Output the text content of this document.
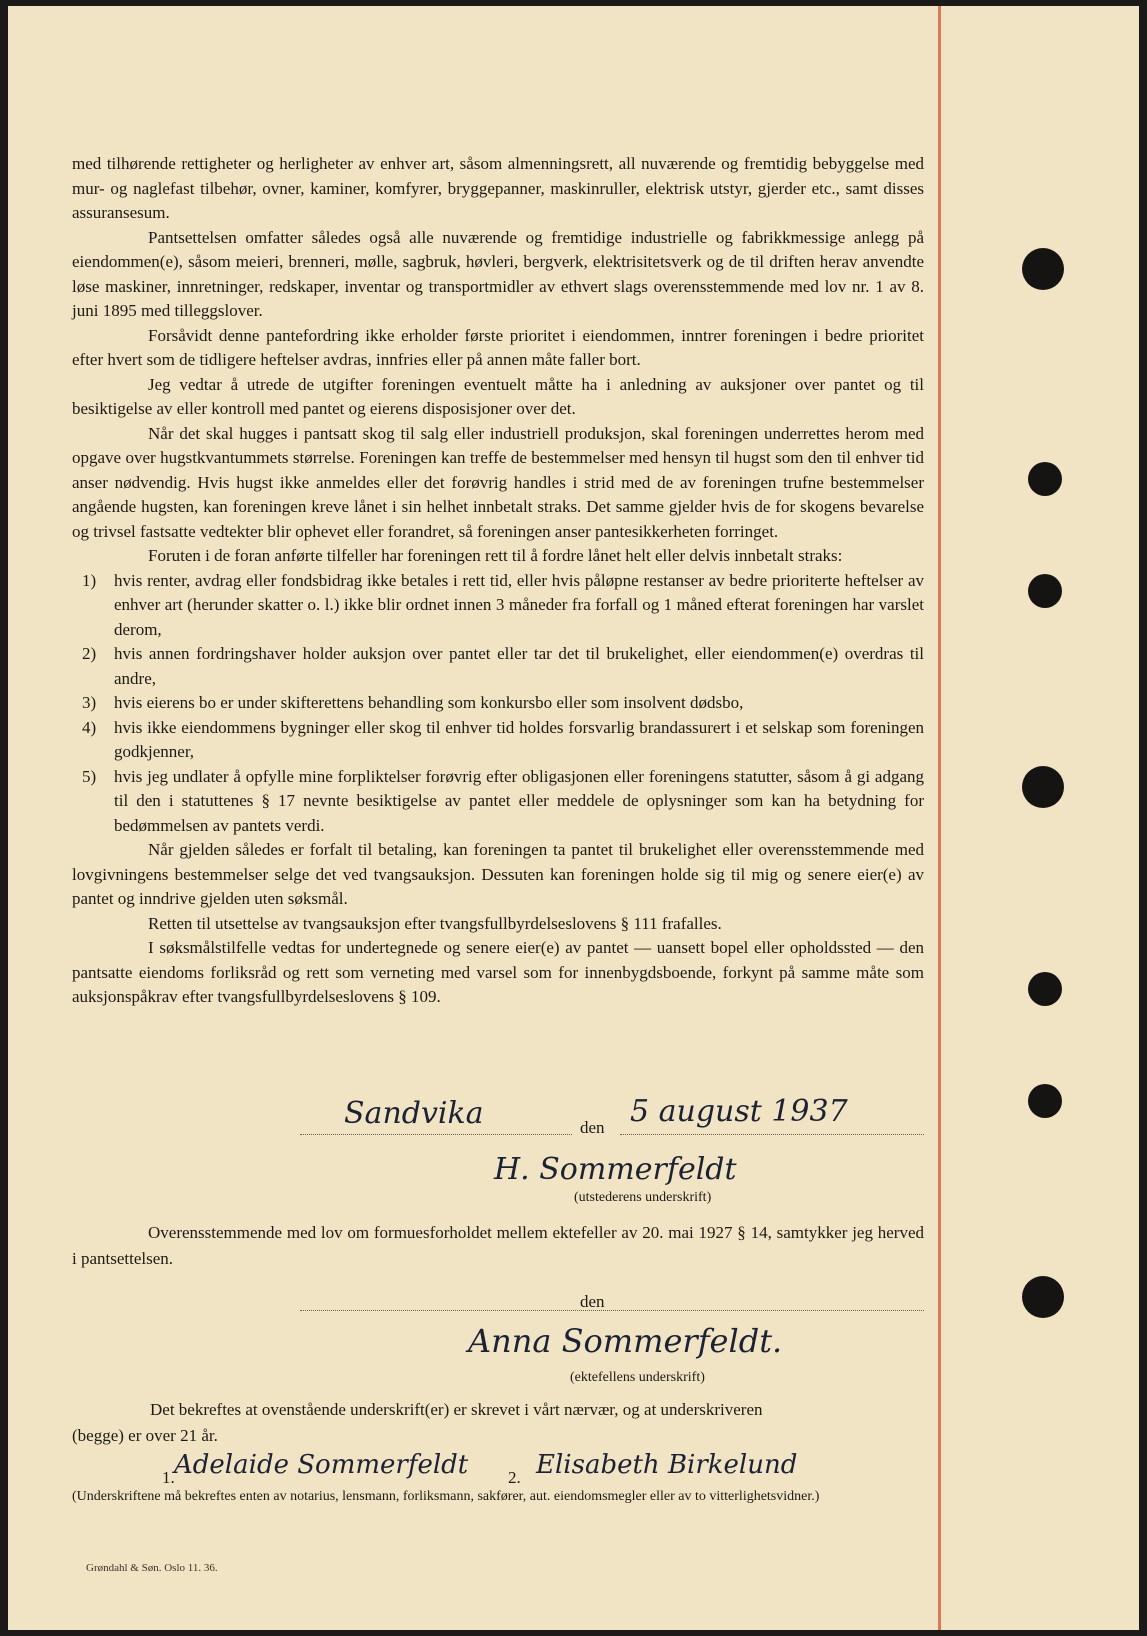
med tilhørende rettigheter og herligheter av enhver art, såsom almenningsrett, all nuværende og fremtidig bebyggelse med mur- og naglefast tilbehør, ovner, kaminer, komfyrer, bryggepanner, maskinruller, elektrisk utstyr, gjerder etc., samt disses assuransesum.

Pantsettelsen omfatter således også alle nuværende og fremtidige industrielle og fabrikkmessige anlegg på eiendommen(e), såsom meieri, brenneri, mølle, sagbruk, høvleri, bergverk, elektrisitetsverk og de til driften herav anvendte løse maskiner, innretninger, redskaper, inventar og transportmidler av ethvert slags overensstemmende med lov nr. 1 av 8. juni 1895 med tilleggslover.

Forsåvidt denne pantefordring ikke erholder første prioritet i eiendommen, inntrer foreningen i bedre prioritet efter hvert som de tidligere heftelser avdras, innfries eller på annen måte faller bort.

Jeg vedtar å utrede de utgifter foreningen eventuelt måtte ha i anledning av auksjoner over pantet og til besiktigelse av eller kontroll med pantet og eierens disposisjoner over det.

Når det skal hugges i pantsatt skog til salg eller industriell produksjon, skal foreningen underrettes herom med opgave over hugstkvantummets størrelse. Foreningen kan treffe de bestemmelser med hensyn til hugst som den til enhver tid anser nødvendig. Hvis hugst ikke anmeldes eller det forøvrig handles i strid med de av foreningen trufne bestemmelser angående hugsten, kan foreningen kreve lånet i sin helhet innbetalt straks. Det samme gjelder hvis de for skogens bevarelse og trivsel fastsatte vedtekter blir ophevet eller forandret, så foreningen anser pantesikkerheten forringet.

Foruten i de foran anførte tilfeller har foreningen rett til å fordre lånet helt eller delvis innbetalt straks:

1) hvis renter, avdrag eller fondsbidrag ikke betales i rett tid, eller hvis påløpne restanser av bedre prioriterte heftelser av enhver art (herunder skatter o. l.) ikke blir ordnet innen 3 måneder fra forfall og 1 måned efterat foreningen har varslet derom,
2) hvis annen fordringshaver holder auksjon over pantet eller tar det til brukelighet, eller eiendommen(e) overdras til andre,
3) hvis eierens bo er under skifterettens behandling som konkursbo eller som insolvent dødsbo,
4) hvis ikke eiendommens bygninger eller skog til enhver tid holdes forsvarlig brandassurert i et selskap som foreningen godkjenner,
5) hvis jeg undlater å opfylle mine forpliktelser forøvrig efter obligasjonen eller foreningens statutter, såsom å gi adgang til den i statuttenes § 17 nevnte besiktigelse av pantet eller meddele de oplysninger som kan ha betydning for bedømmelsen av pantets verdi.

Når gjelden således er forfalt til betaling, kan foreningen ta pantet til brukelighet eller overensstemmende med lovgivningens bestemmelser selge det ved tvangsauksjon. Dessuten kan foreningen holde sig til mig og senere eier(e) av pantet og inndrive gjelden uten søksmål.

Retten til utsettelse av tvangsauksjon efter tvangsfullbyrdelseslovens § 111 frafalles.

I søksmålstilfelle vedtas for undertegnede og senere eier(e) av pantet — uansett bopel eller opholdssted — den pantsatte eiendoms forliksråd og rett som verneting med varsel som for innenbygdsboende, forkynt på samme måte som auksjonspåkrav efter tvangsfullbyrdelseslovens § 109.

Sandvika	den 5 august 1937
H. Sommerfeldt
(utstederens underskrift)
Overensstemmende med lov om formuesforholdet mellem ektefeller av 20. mai 1927 § 14, samtykker jeg herved i pantsettelsen.
den
Anna Sommerfeldt.
(ektefellens underskrift)
Det bekreftes at ovenstående underskrift(er) er skrevet i vårt nærvær, og at underskriveren
(begge) er over 21 år.
1. Adelaide Sommerfeldt 2. Elisabeth Birkelund
(Underskriftene må bekreftes enten av notarius, lensmann, forliksmann, sakfører, aut. eiendomsmegler eller av to vitterlighetsvidner.)
Grøndahl & Søn. Oslo 11. 36.
